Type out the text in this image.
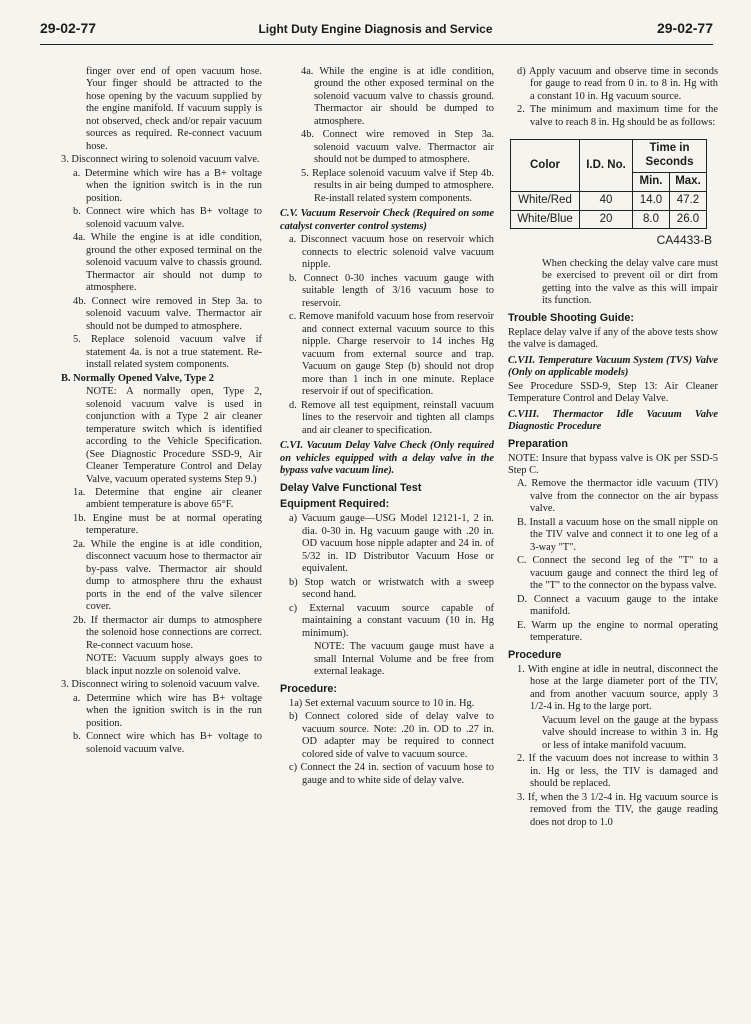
29-02-77	Light Duty Engine Diagnosis and Service	29-02-77
finger over end of open vacuum hose. Your finger should be attracted to the hose opening by the vacuum supplied by the engine manifold. If vacuum supply is not observed, check and/or repair vacuum sources as required. Re-connect vacuum hose.
3. Disconnect wiring to solenoid vacuum valve.
a. Determine which wire has a B+ voltage when the ignition switch is in the run position.
b. Connect wire which has B+ voltage to solenoid vacuum valve.
4a. While the engine is at idle condition, ground the other exposed terminal on the solenoid vacuum valve to chassis ground. Thermactor air should not dump to atmosphere.
4b. Connect wire removed in Step 3a. to solenoid vacuum valve. Thermactor air should not be dumped to atmosphere.
5. Replace solenoid vacuum valve if statement 4a. is not a true statement. Re-install related system components.
B. Normally Opened Valve, Type 2
NOTE: A normally open, Type 2, solenoid vacuum valve is used in conjunction with a Type 2 air cleaner temperature switch which is identified according to the Vehicle Specification. (See Diagnostic Procedure SSD-9, Air Cleaner Temperature Control and Delay Valve, vacuum operated systems Step 9.)
1a. Determine that engine air cleaner ambient temperature is above 65°F.
1b. Engine must be at normal operating temperature.
2a. While the engine is at idle condition, disconnect vacuum hose to thermactor air by-pass valve. Thermactor air should dump to atmosphere thru the exhaust ports in the end of the valve silencer cover.
2b. If thermactor air dumps to atmosphere the solenoid hose connections are correct. Re-connect vacuum hose.
NOTE: Vacuum supply always goes to black input nozzle on solenoid valve.
3. Disconnect wiring to solenoid vacuum valve.
a. Determine which wire has B+ voltage when the ignition switch is in the run position.
b. Connect wire which has B+ voltage to solenoid vacuum valve.
4a. While the engine is at idle condition, ground the other exposed terminal on the solenoid vacuum valve to chassis ground. Thermactor air should be dumped to atmosphere.
4b. Connect wire removed in Step 3a. solenoid vacuum valve. Thermactor air should not be dumped to atmosphere.
5. Replace solenoid vacuum valve if Step 4b. results in air being dumped to atmosphere. Re-install related system components.
C.V. Vacuum Reservoir Check (Required on some catalyst converter control systems)
a. Disconnect vacuum hose on reservoir which connects to electric solenoid valve vacuum nipple.
b. Connect 0-30 inches vacuum gauge with suitable length of 3/16 vacuum hose to reservoir.
c. Remove manifold vacuum hose from reservoir and connect external vacuum source to this nipple. Charge reservoir to 14 inches Hg vacuum from external source and trap. Vacuum on gauge Step (b) should not drop more than 1 inch in one minute. Replace reservoir if out of specification.
d. Remove all test equipment, reinstall vacuum lines to the reservoir and tighten all clamps and air cleaner to specification.
C.VI. Vacuum Delay Valve Check (Only required on vehicles equipped with a delay valve in the bypass valve vacuum line).
Delay Valve Functional Test
Equipment Required:
a) Vacuum gauge—USG Model 12121-1, 2 in. dia. 0-30 in. Hg vacuum gauge with .20 in. OD vacuum hose nipple adapter and 24 in. of 5/32 in. ID Distributor Vacuum Hose or equivalent.
b) Stop watch or wristwatch with a sweep second hand.
c) External vacuum source capable of maintaining a constant vacuum (10 in. Hg minimum).
NOTE: The vacuum gauge must have a small Internal Volume and be free from external leakage.
Procedure:
1a) Set external vacuum source to 10 in. Hg.
b) Connect colored side of delay valve to vacuum source. Note: .20 in. OD to .27 in. OD adapter may be required to connect colored side of valve to vacuum source.
c) Connect the 24 in. section of vacuum hose to gauge and to white side of delay valve.
d) Apply vacuum and observe time in seconds for gauge to read from 0 in. to 8 in. Hg with a constant 10 in. Hg vacuum source.
2. The minimum and maximum time for the valve to reach 8 in. Hg should be as follows:
Color	I.D. No.	Time in Seconds	
		Min.	Max.
White/Red	40	14.0	47.2
White/Blue	20	8.0	26.0
CA4433-B
When checking the delay valve care must be exercised to prevent oil or dirt from getting into the valve as this will impair its function.
Trouble Shooting Guide:
Replace delay valve if any of the above tests show the valve is damaged.
C.VII. Temperature Vacuum System (TVS) Valve (Only on applicable models)
See Procedure SSD-9, Step 13: Air Cleaner Temperature Control and Delay Valve.
C.VIII. Thermactor Idle Vacuum Valve Diagnostic Procedure
Preparation
NOTE: Insure that bypass valve is OK per SSD-5 Step C.
A. Remove the thermactor idle vacuum (TIV) valve from the connector on the air bypass valve.
B. Install a vacuum hose on the small nipple on the TIV valve and connect it to one leg of a 3-way "T".
C. Connect the second leg of the "T" to a vacuum gauge and connect the third leg of the "T" to the connector on the bypass valve.
D. Connect a vacuum gauge to the intake manifold.
E. Warm up the engine to normal operating temperature.
Procedure
1. With engine at idle in neutral, disconnect the hose at the large diameter port of the TIV, and from another vacuum source, apply 3 1/2-4 in. Hg to the large port.
Vacuum level on the gauge at the bypass valve should increase to within 3 in. Hg or less of intake manifold vacuum.
2. If the vacuum does not increase to within 3 in. Hg or less, the TIV is damaged and should be replaced.
3. If, when the 3 1/2-4 in. Hg vacuum source is removed from the TIV, the gauge reading does not drop to 1.0
